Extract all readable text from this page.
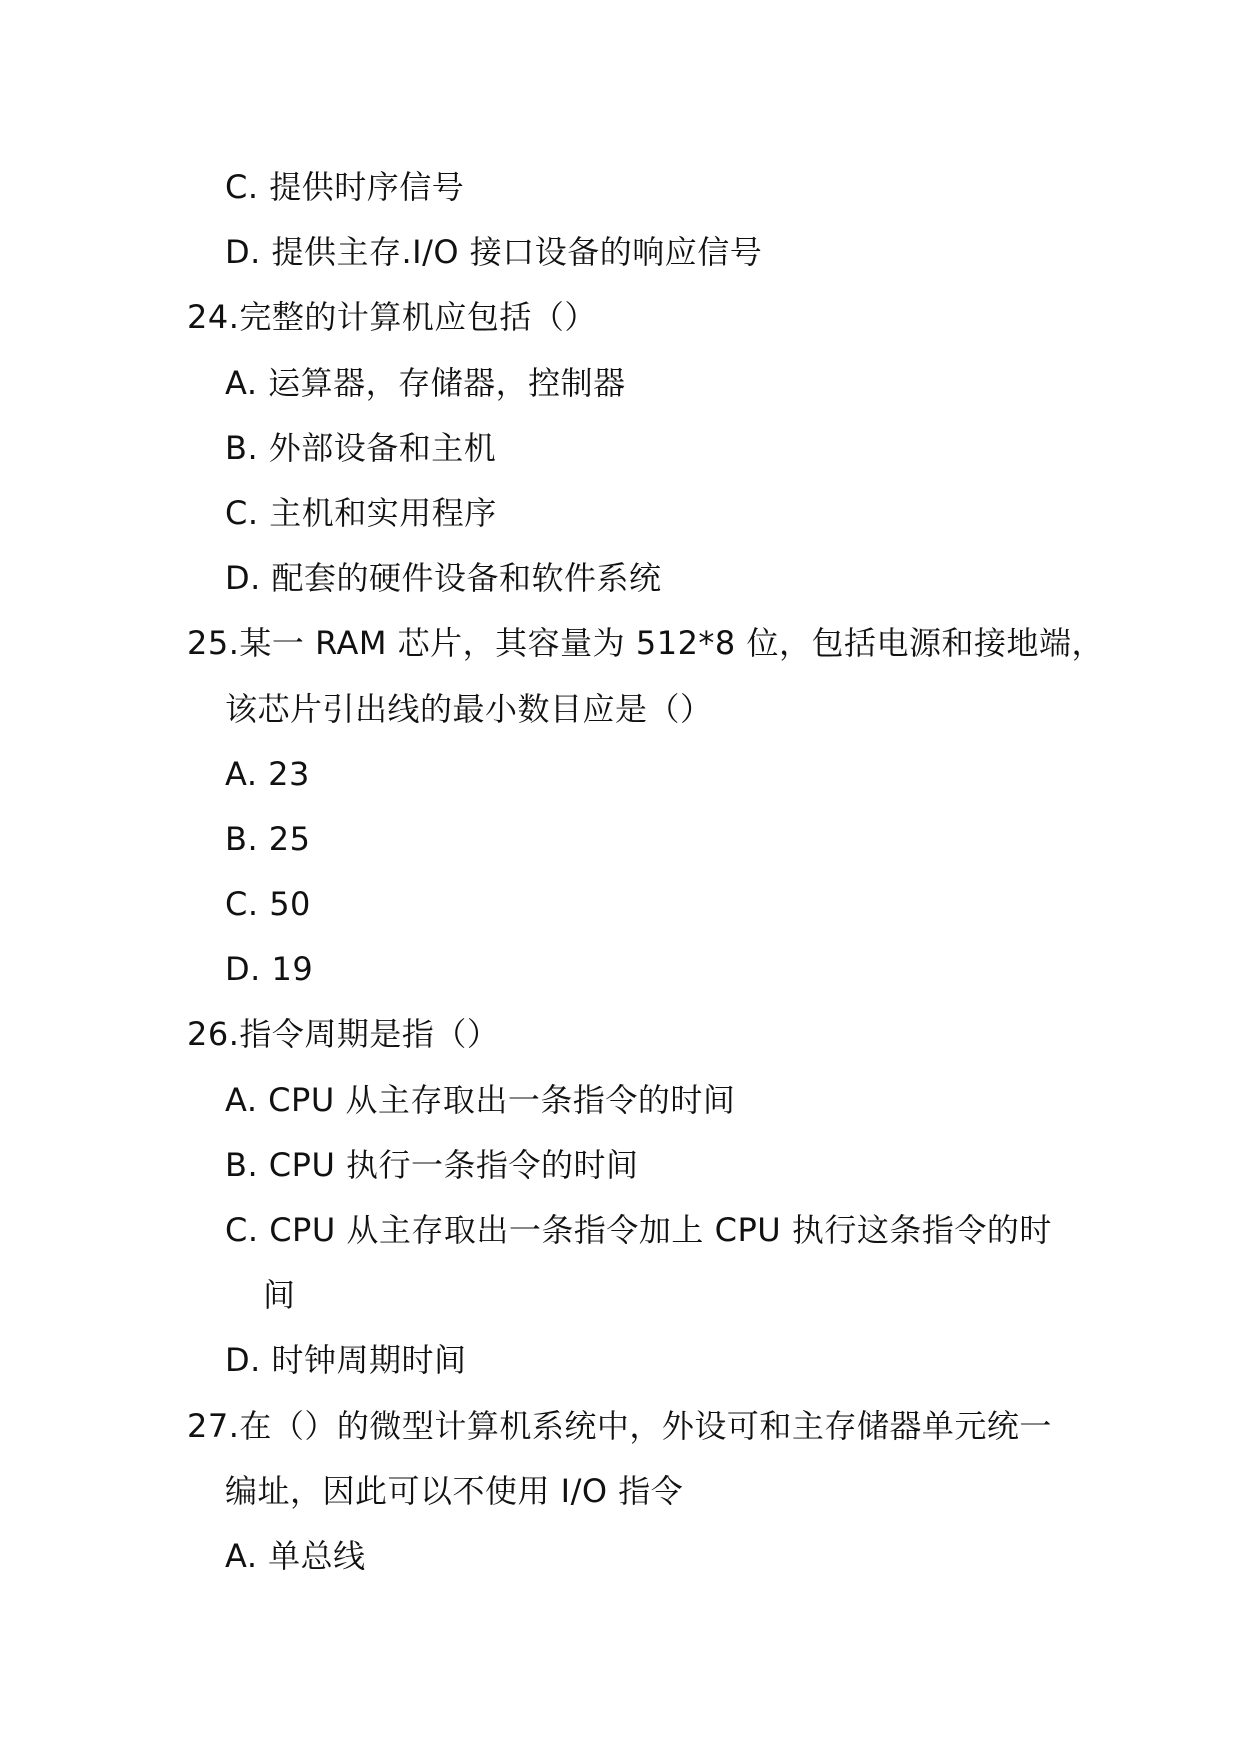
C. 提供时序信号
D. 提供主存.I/O 接口设备的响应信号
24.完整的计算机应包括（）
A. 运算器，存储器，控制器
B. 外部设备和主机
C. 主机和实用程序
D. 配套的硬件设备和软件系统
25.某一 RAM 芯片，其容量为 512*8 位，包括电源和接地端，
该芯片引出线的最小数目应是（）
A. 23
B. 25
C. 50
D. 19
26.指令周期是指（）
A. CPU 从主存取出一条指令的时间
B. CPU 执行一条指令的时间
C. CPU 从主存取出一条指令加上 CPU 执行这条指令的时
间
D. 时钟周期时间
27.在（）的微型计算机系统中，外设可和主存储器单元统一
编址，因此可以不使用 I/O 指令
A. 单总线
